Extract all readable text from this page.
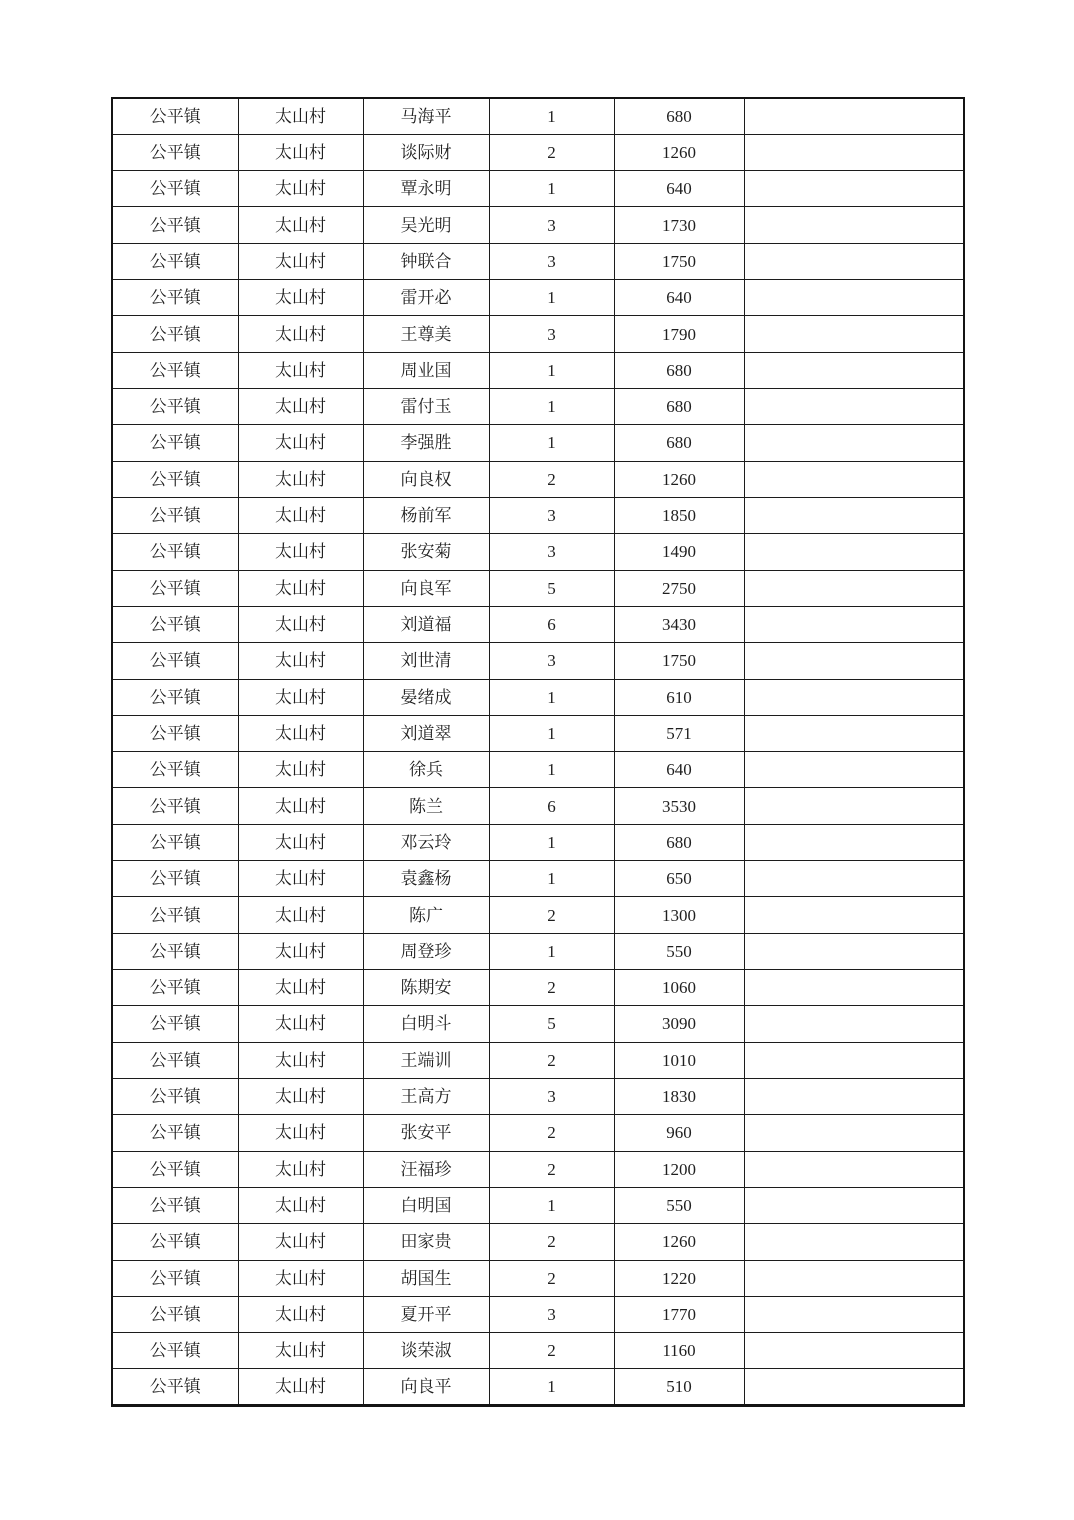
公平镇	太山村	马海平	1	680	
公平镇	太山村	谈际财	2	1260	
公平镇	太山村	覃永明	1	640	
公平镇	太山村	吴光明	3	1730	
公平镇	太山村	钟联合	3	1750	
公平镇	太山村	雷开必	1	640	
公平镇	太山村	王尊美	3	1790	
公平镇	太山村	周业国	1	680	
公平镇	太山村	雷付玉	1	680	
公平镇	太山村	李强胜	1	680	
公平镇	太山村	向良权	2	1260	
公平镇	太山村	杨前军	3	1850	
公平镇	太山村	张安菊	3	1490	
公平镇	太山村	向良军	5	2750	
公平镇	太山村	刘道福	6	3430	
公平镇	太山村	刘世清	3	1750	
公平镇	太山村	晏绪成	1	610	
公平镇	太山村	刘道翠	1	571	
公平镇	太山村	徐兵	1	640	
公平镇	太山村	陈兰	6	3530	
公平镇	太山村	邓云玲	1	680	
公平镇	太山村	袁鑫杨	1	650	
公平镇	太山村	陈广	2	1300	
公平镇	太山村	周登珍	1	550	
公平镇	太山村	陈期安	2	1060	
公平镇	太山村	白明斗	5	3090	
公平镇	太山村	王端训	2	1010	
公平镇	太山村	王高方	3	1830	
公平镇	太山村	张安平	2	960	
公平镇	太山村	汪福珍	2	1200	
公平镇	太山村	白明国	1	550	
公平镇	太山村	田家贵	2	1260	
公平镇	太山村	胡国生	2	1220	
公平镇	太山村	夏开平	3	1770	
公平镇	太山村	谈荣淑	2	1160	
公平镇	太山村	向良平	1	510	
